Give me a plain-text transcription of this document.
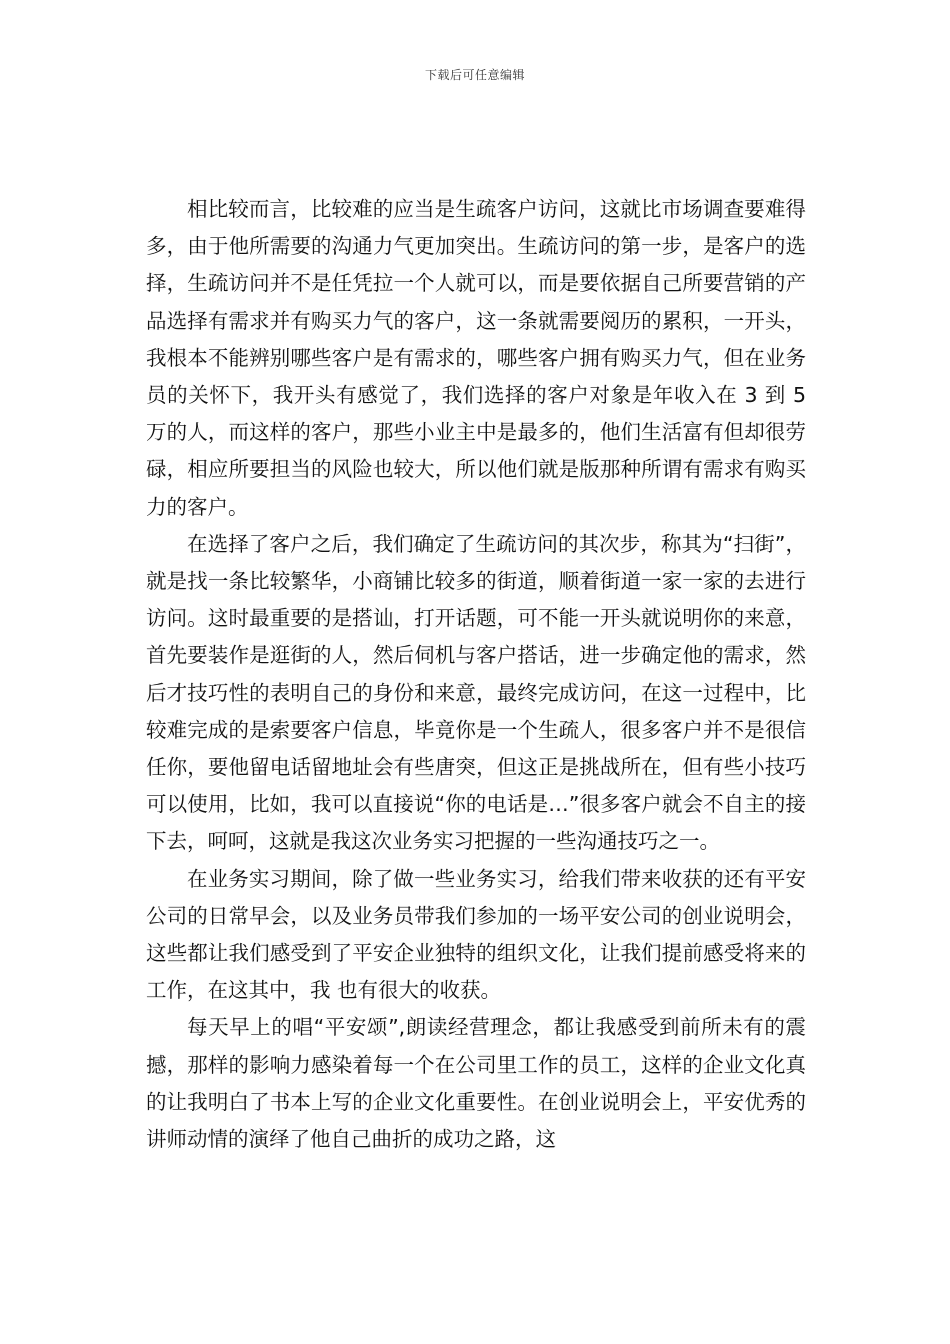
下载后可任意编辑

相比较而言，比较难的应当是生疏客户访问，这就比市场调查要难得多，由于他所需要的沟通力气更加突出。生疏访问的第一步，是客户的选择，生疏访问并不是任凭拉一个人就可以，而是要依据自己所要营销的产品选择有需求并有购买力气的客户，这一条就需要阅历的累积，一开头，我根本不能辨别哪些客户是有需求的，哪些客户拥有购买力气，但在业务员的关怀下，我开头有感觉了，我们选择的客户对象是年收入在 3 到 5 万的人，而这样的客户，那些小业主中是最多的，他们生活富有但却很劳碌，相应所要担当的风险也较大，所以他们就是版那种所谓有需求有购买力的客户。

在选择了客户之后，我们确定了生疏访问的其次步，称其为“扫街”，就是找一条比较繁华，小商铺比较多的街道，顺着街道一家一家的去进行访问。这时最重要的是搭讪，打开话题，可不能一开头就说明你的来意，首先要装作是逛街的人，然后伺机与客户搭话，进一步确定他的需求，然后才技巧性的表明自己的身份和来意，最终完成访问，在这一过程中，比较难完成的是索要客户信息，毕竟你是一个生疏人，很多客户并不是很信任你，要他留电话留地址会有些唐突，但这正是挑战所在，但有些小技巧可以使用，比如，我可以直接说“你的电话是…”很多客户就会不自主的接下去，呵呵，这就是我这次业务实习把握的一些沟通技巧之一。

在业务实习期间，除了做一些业务实习，给我们带来收获的还有平安公司的日常早会，以及业务员带我们参加的一场平安公司的创业说明会，这些都让我们感受到了平安企业独特的组织文化，让我们提前感受将来的工作，在这其中，我 也有很大的收获。

每天早上的唱“平安颂”,朗读经营理念，都让我感受到前所未有的震撼，那样的影响力感染着每一个在公司里工作的员工，这样的企业文化真的让我明白了书本上写的企业文化重要性。在创业说明会上，平安优秀的讲师动情的演绎了他自己曲折的成功之路，这
